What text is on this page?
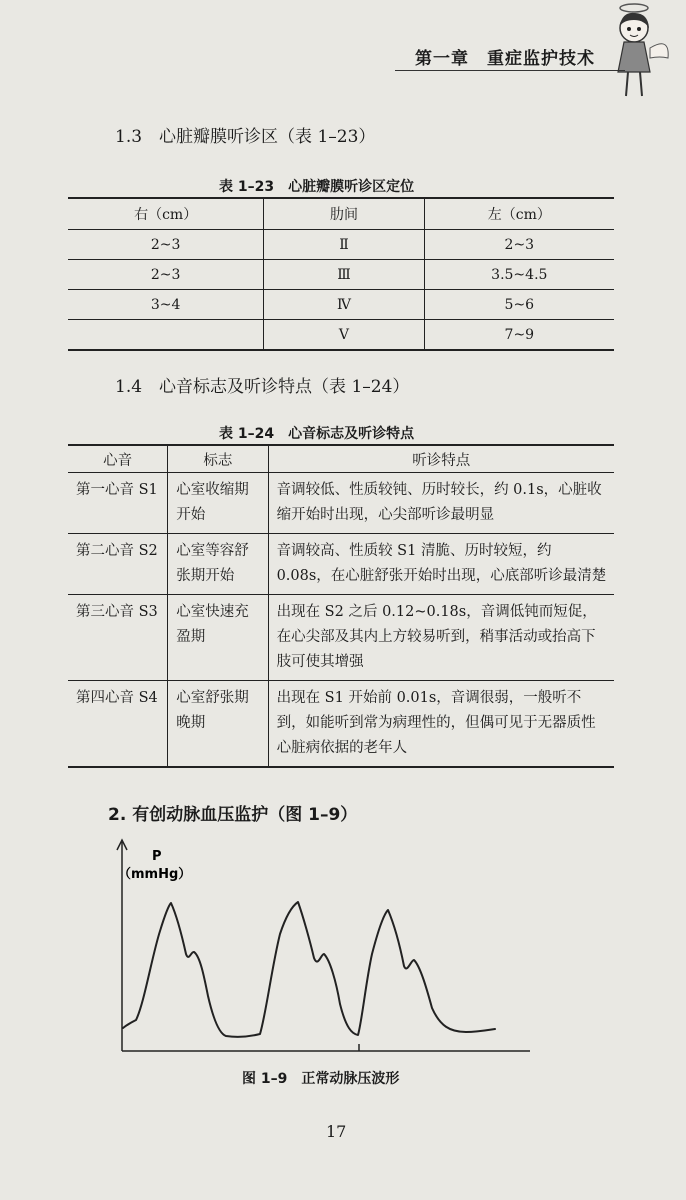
第一章　重症监护技术
1.3　心脏瓣膜听诊区（表 1–23）
表 1–23　心脏瓣膜听诊区定位
右（cm）	肋间	左（cm）
2~3	Ⅱ	2~3
2~3	Ⅲ	3.5~4.5
3~4	Ⅳ	5~6
	Ⅴ	7~9
1.4　心音标志及听诊特点（表 1–24）
表 1–24　心音标志及听诊特点
心音	标志	听诊特点
第一心音 S1	心室收缩期开始	音调较低、性质较钝、历时较长，约 0.1s，心脏收缩开始时出现，心尖部听诊最明显
第二心音 S2	心室等容舒张期开始	音调较高、性质较 S1 清脆、历时较短，约 0.08s，在心脏舒张开始时出现，心底部听诊最清楚
第三心音 S3	心室快速充盈期	出现在 S2 之后 0.12~0.18s，音调低钝而短促，在心尖部及其内上方较易听到，稍事活动或抬高下肢可使其增强
第四心音 S4	心室舒张期晚期	出现在 S1 开始前 0.01s，音调很弱，一般听不到，如能听到常为病理性的，但偶可见于无器质性心脏病依据的老年人
2. 有创动脉血压监护（图 1–9）
P
（mmHg）
图 1–9　正常动脉压波形
17
